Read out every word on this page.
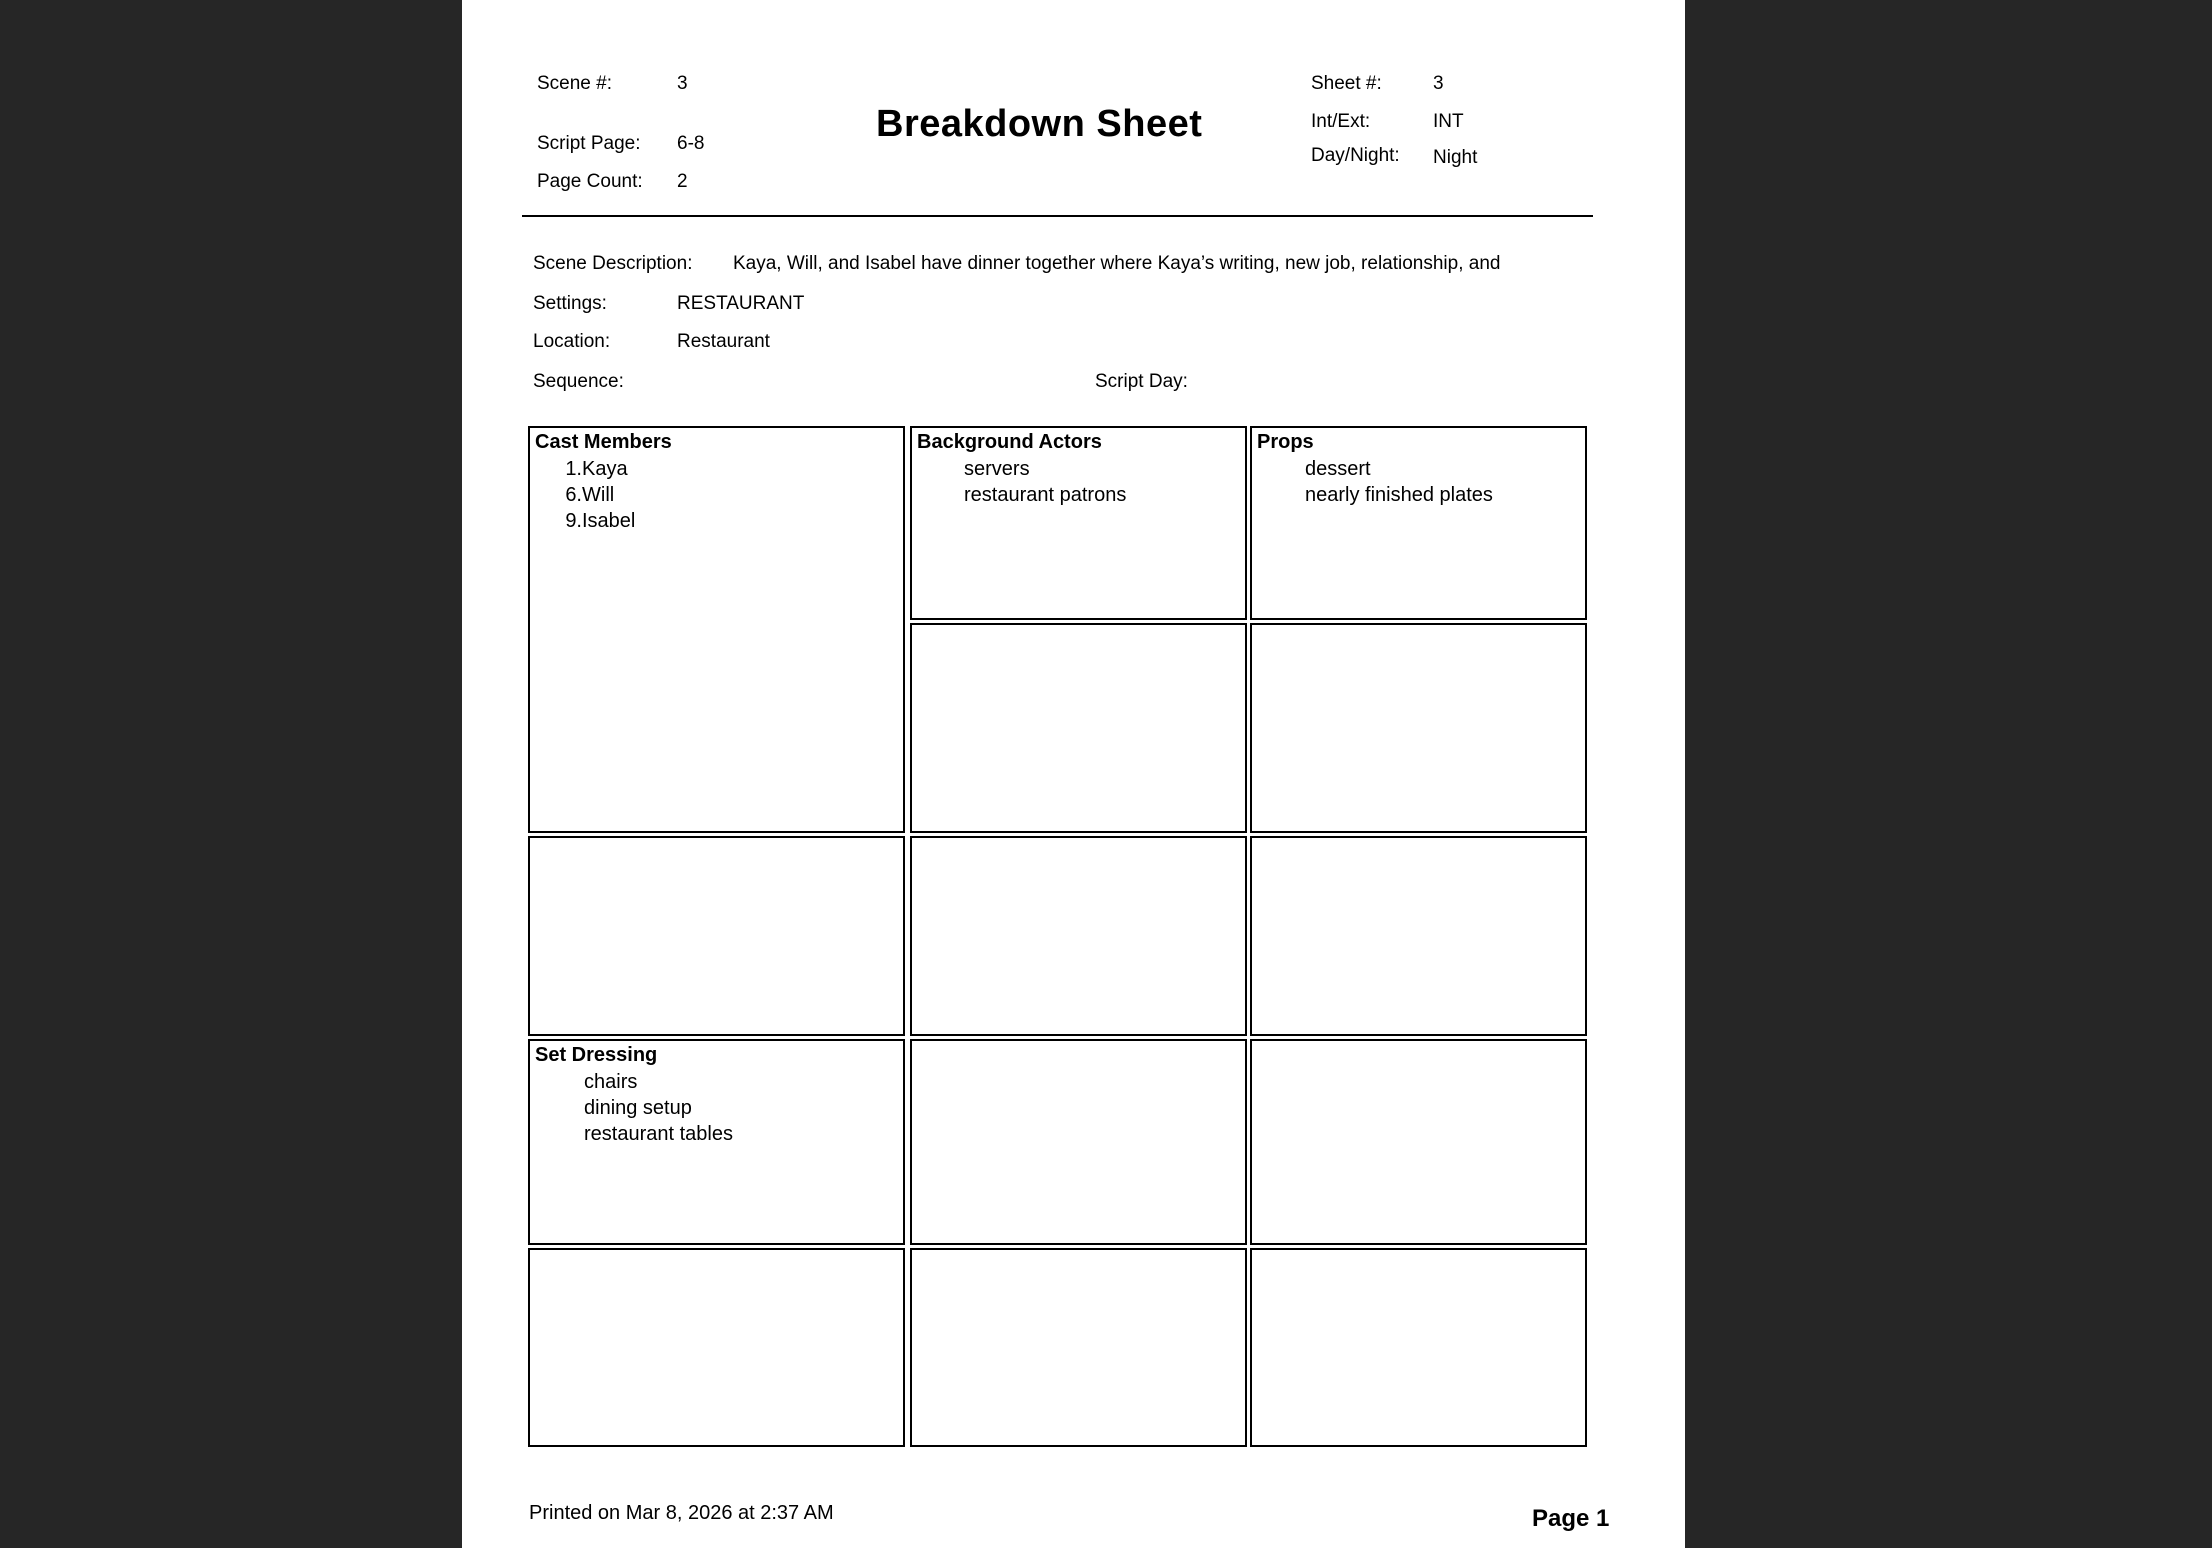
Scene #:	3
Script Page: 6-8
Page Count: 2
Breakdown Sheet
Sheet #:	3
Int/Ext:	INT
Day/Night: Night
Scene Description: Kaya, Will, and Isabel have dinner together where Kaya’s writing, new job, relationship, and
Settings:	RESTAURANT
Location:	Restaurant
Sequence:	Script Day:
Cast Members
1. Kaya
6. Will
9. Isabel
Set Dressing
chairs
dining setup
restaurant tables
Background Actors
servers
restaurant patrons
Props
dessert
nearly finished plates
Printed on Mar 8, 2026 at 2:37 AM	Page 1
